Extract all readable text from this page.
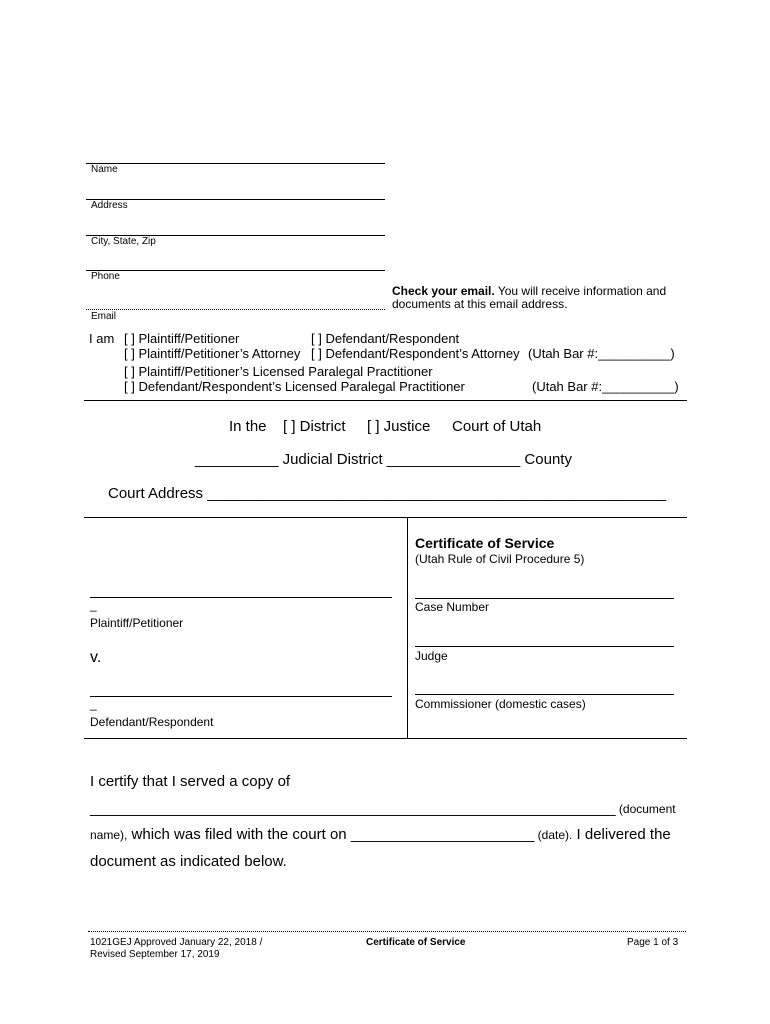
Name
Address
City, State, Zip
Phone
Email
Check your email. You will receive information and
documents at this email address.
I am [ ] Plaintiff/Petitioner	[ ] Defendant/Respondent
[ ] Plaintiff/Petitioner’s Attorney [ ] Defendant/Respondent’s Attorney (Utah Bar #:__________)
[ ] Plaintiff/Petitioner’s Licensed Paralegal Practitioner
[ ] Defendant/Respondent’s Licensed Paralegal Practitioner	(Utah Bar #:__________)
In the [ ] District [ ] Justice Court of Utah
__________ Judicial District ________________ County
Court Address _______________________________________________________
_
Plaintiff/Petitioner
v.
_
Defendant/Respondent
Certificate of Service
(Utah Rule of Civil Procedure 5)
Case Number
Judge
Commissioner (domestic cases)
I certify that I served a copy of
_______________________________________________________________ (document
name), which was filed with the court on ______________________ (date). I delivered the
document as indicated below.
1021GEJ Approved January 22, 2018 /
Revised September 17, 2019
Certificate of Service	Page 1 of 3
